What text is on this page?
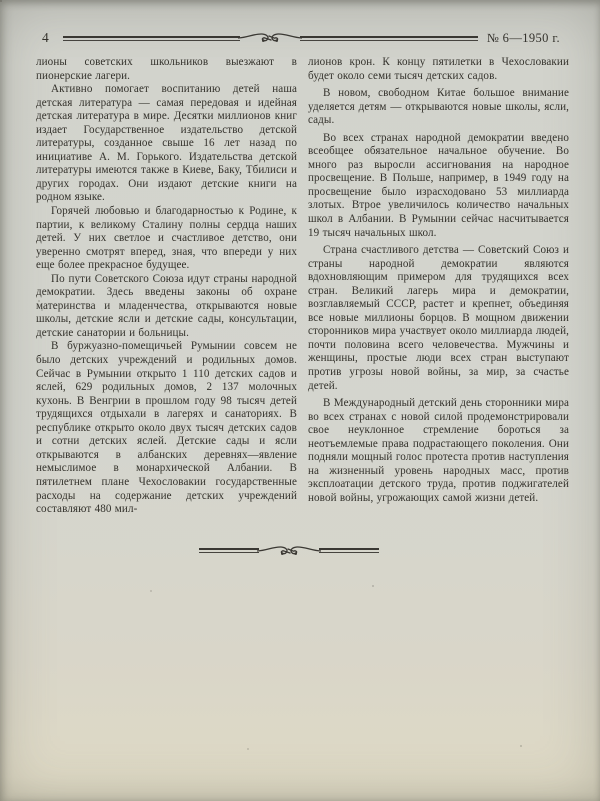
4	№ 6—1950 г.

лионы советских школьников выезжают в пионерские лагери.

Активно помогает воспитанию детей наша детская литература — самая передовая и идейная детская литература в мире. Десятки миллионов книг издает Государственное издательство детской литературы, созданное свыше 16 лет назад по инициативе А. М. Горького. Издательства детской литературы имеются также в Киеве, Баку, Тбилиси и других городах. Они издают детские книги на родном языке.

Горячей любовью и благодарностью к Родине, к партии, к великому Сталину полны сердца наших детей. У них светлое и счастливое детство, они уверенно смотрят вперед, зная, что впереди у них еще более прекрасное будущее.

По пути Советского Союза идут страны народной демократии. Здесь введены законы об охране материнства и младенчества, открываются новые школы, детские ясли и детские сады, консультации, детские санатории и больницы.

В буржуазно-помещичьей Румынии совсем не было детских учреждений и родильных домов. Сейчас в Румынии открыто 1 110 детских садов и яслей, 629 родильных домов, 2 137 молочных кухонь. В Венгрии в прошлом году 98 тысяч детей трудящихся отдыхали в лагерях и санаториях. В республике открыто около двух тысяч детских садов и сотни детских яслей. Детские сады и ясли открываются в албанских деревнях—явление немыслимое в монархической Албании. В пятилетнем плане Чехословакии государственные расходы на содержание детских учреждений составляют 480 мил-

лионов крон. К концу пятилетки в Чехословакии будет около семи тысяч детских садов.

В новом, свободном Китае большое внимание уделяется детям — открываются новые школы, ясли, сады.

Во всех странах народной демократии введено всеобщее обязательное начальное обучение. Во много раз выросли ассигнования на народное просвещение. В Польше, например, в 1949 году на просвещение было израсходовано 53 миллиарда злотых. Втрое увеличилось количество начальных школ в Албании. В Румынии сейчас насчитывается 19 тысяч начальных школ.

Страна счастливого детства — Советский Союз и страны народной демократии являются вдохновляющим примером для трудящихся всех стран. Великий лагерь мира и демократии, возглавляемый СССР, растет и крепнет, объединяя все новые миллионы борцов. В мощном движении сторонников мира участвует около миллиарда людей, почти половина всего человечества. Мужчины и женщины, простые люди всех стран выступают против угрозы новой войны, за мир, за счастье детей.

В Международный детский день сторонники мира во всех странах с новой силой продемонстрировали свое неуклонное стремление бороться за неотъемлемые права подрастающего поколения. Они подняли мощный голос протеста против наступления на жизненный уровень народных масс, против эксплоатации детского труда, против поджигателей новой войны, угрожающих самой жизни детей.
